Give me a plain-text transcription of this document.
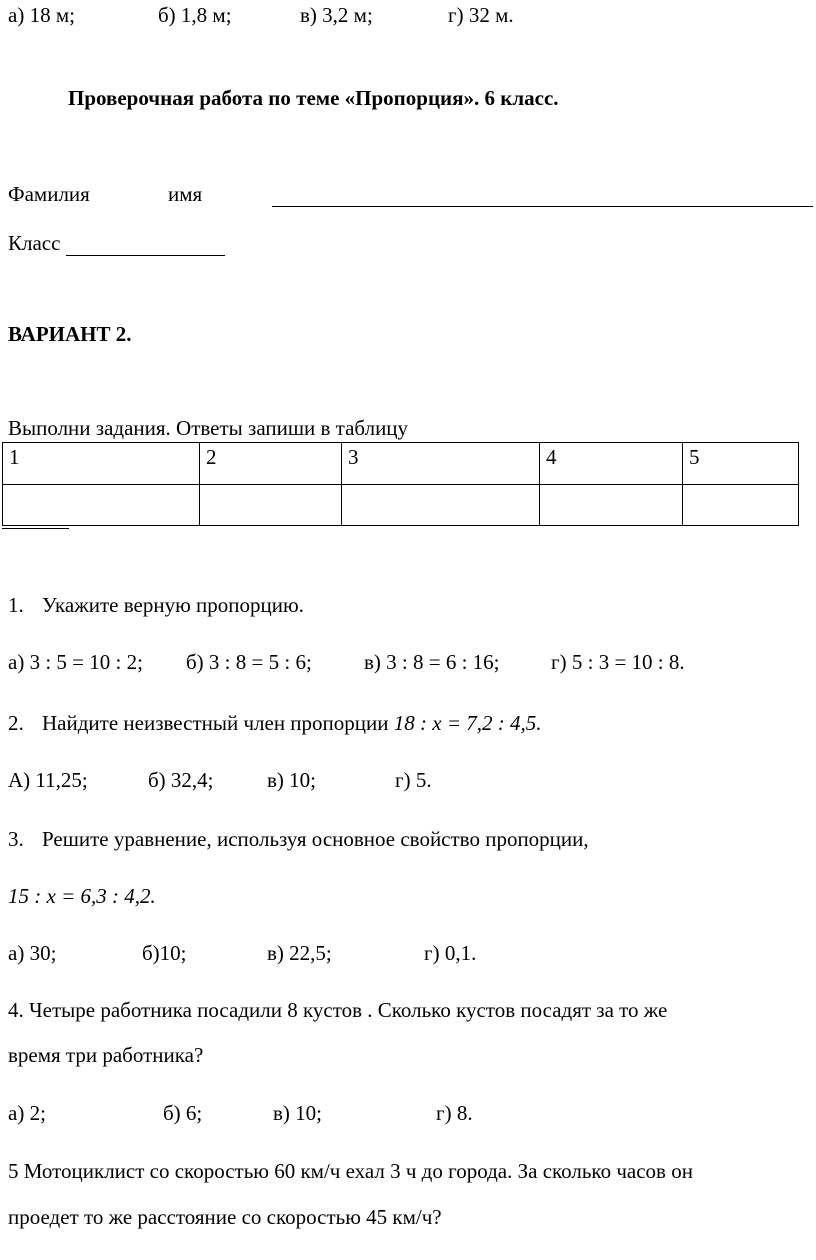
а) 18 м;	б) 1,8 м;	в) 3,2 м;	г) 32 м.
Проверочная работа по теме «Пропорция». 6 класс.
Фамилия	имя
Класс
ВАРИАНТ 2.
Выполни задания. Ответы запиши в таблицу
1	2	3	4	5

1. Укажите верную пропорцию.
а) 3 : 5 = 10 : 2; б) 3 : 8 = 5 : 6; в) 3 : 8 = 6 : 16; г) 5 : 3 = 10 : 8.
2. Найдите неизвестный член пропорции 18 : x = 7,2 : 4,5.
А) 11,25;	б) 32,4;	в) 10;	г) 5.
3. Решите уравнение, используя основное свойство пропорции,
15 : x = 6,3 : 4,2.
а) 30;	б)10;	в) 22,5;	г) 0,1.
4. Четыре работника посадили 8 кустов . Сколько кустов посадят за то же
время три работника?
а) 2;	б) 6;	в) 10;	г) 8.
5 Мотоциклист со скоростью 60 км/ч ехал 3 ч до города. За сколько часов он
проедет то же расстояние со скоростью 45 км/ч?
